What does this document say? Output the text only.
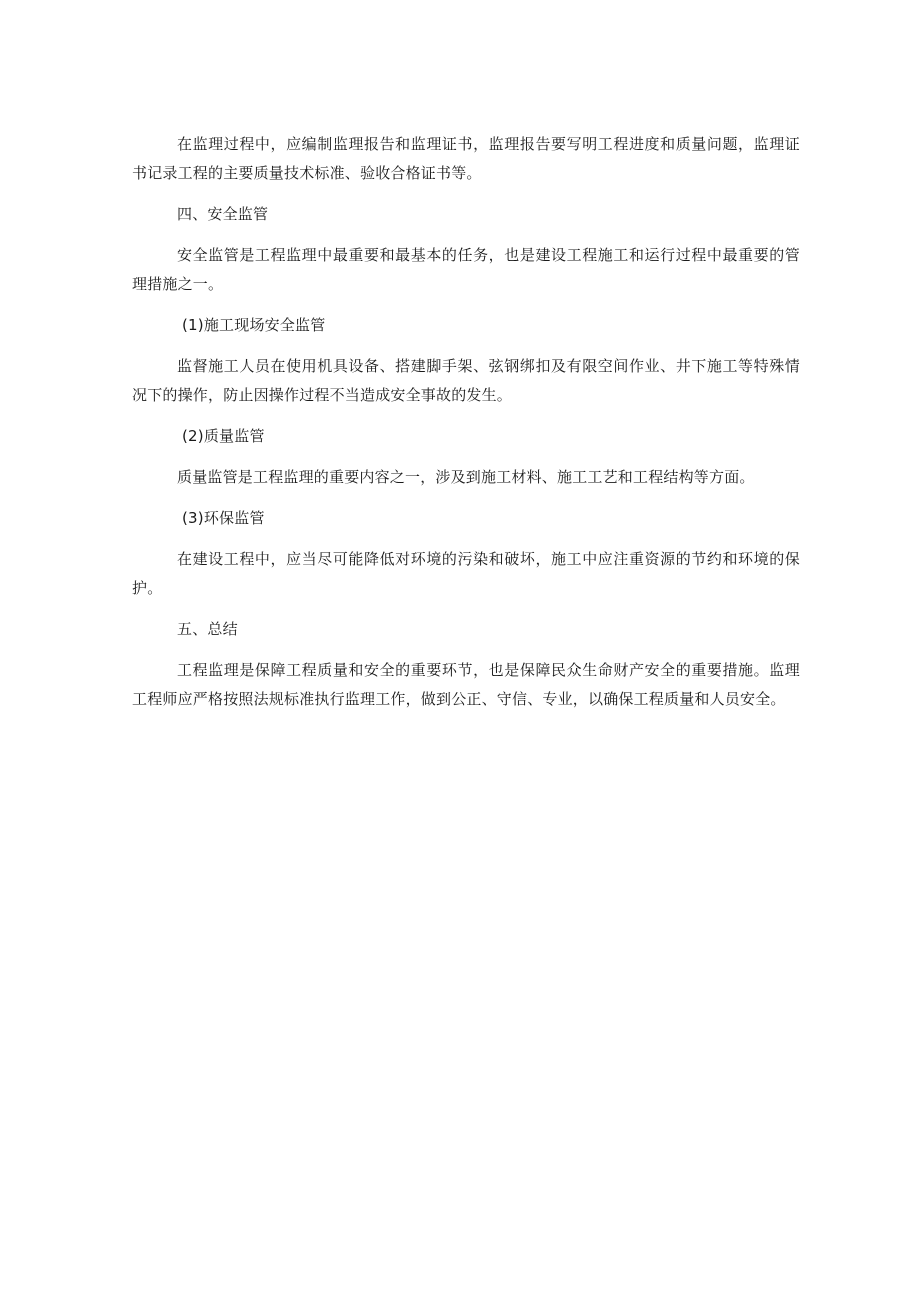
在监理过程中，应编制监理报告和监理证书，监理报告要写明工程进度和质量问题，监理证书记录工程的主要质量技术标准、验收合格证书等。

四、安全监管

安全监管是工程监理中最重要和最基本的任务，也是建设工程施工和运行过程中最重要的管理措施之一。

(1)施工现场安全监管

监督施工人员在使用机具设备、搭建脚手架、弦钢绑扣及有限空间作业、井下施工等特殊情况下的操作，防止因操作过程不当造成安全事故的发生。

(2)质量监管

质量监管是工程监理的重要内容之一，涉及到施工材料、施工工艺和工程结构等方面。

(3)环保监管

在建设工程中，应当尽可能降低对环境的污染和破坏，施工中应注重资源的节约和环境的保护。

五、总结

工程监理是保障工程质量和安全的重要环节，也是保障民众生命财产安全的重要措施。监理工程师应严格按照法规标准执行监理工作，做到公正、守信、专业，以确保工程质量和人员安全。
